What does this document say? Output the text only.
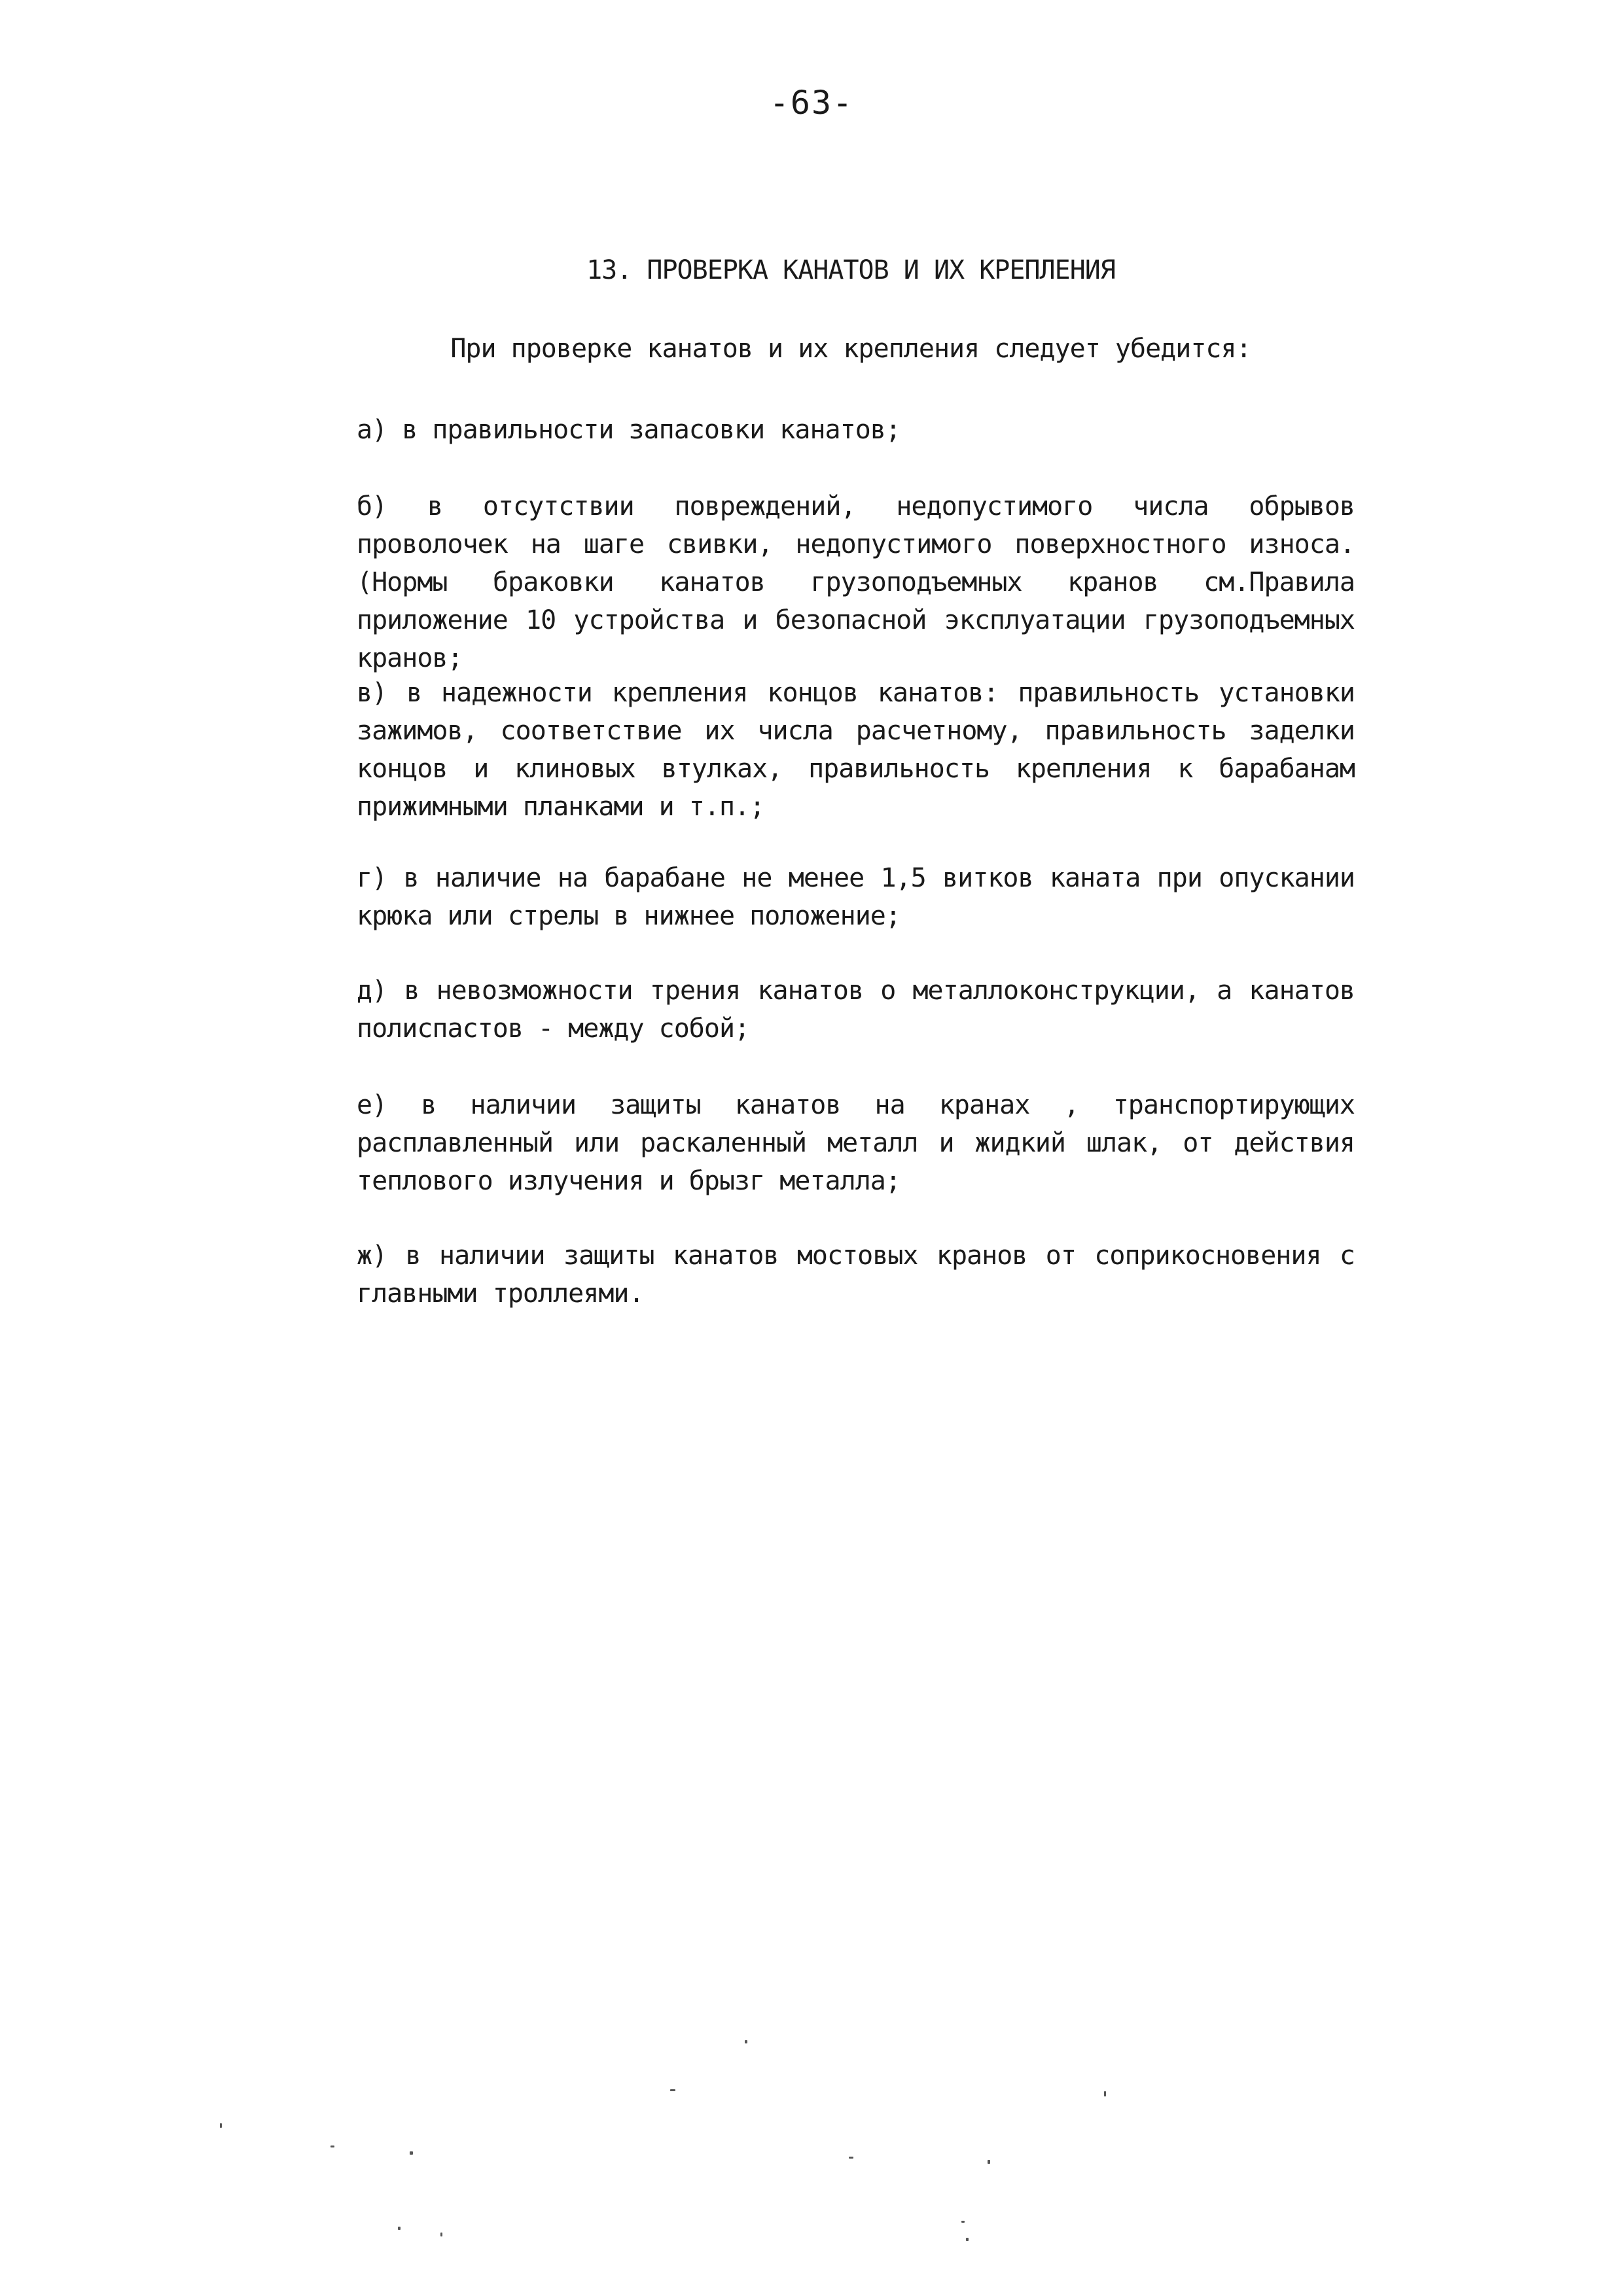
-63-
13. ПРОВЕРКА КАНАТОВ И ИХ КРЕПЛЕНИЯ
При проверке канатов и их крепления следует убедится:
а) в правильности запасовки канатов;
б) в отсутствии повреждений, недопустимого числа обрывов проволочек на шаге свивки, недопустимого поверхностного износа.(Нормы браковки канатов грузоподъемных кранов см.Правила приложение 10 устройства и безопасной эксплуатации грузоподъемных кранов;
в) в надежности крепления концов канатов: правильность установки зажимов, соответствие их числа расчетному, правильность заделки концов и клиновых втулках, правильность крепления к барабанам прижимными планками и т.п.;
г) в наличие на барабане не менее 1,5 витков каната при опускании крюка или стрелы в нижнее положение;
д) в невозможности трения канатов о металлоконструкции, а канатов полиспастов - между собой;
е) в наличии защиты канатов на кранах , транспортирующих расплавленный или раскаленный металл и жидкий шлак, от действия теплового излучения и брызг металла;
ж) в наличии защиты канатов мостовых кранов от соприкосновения с главными троллеями.
